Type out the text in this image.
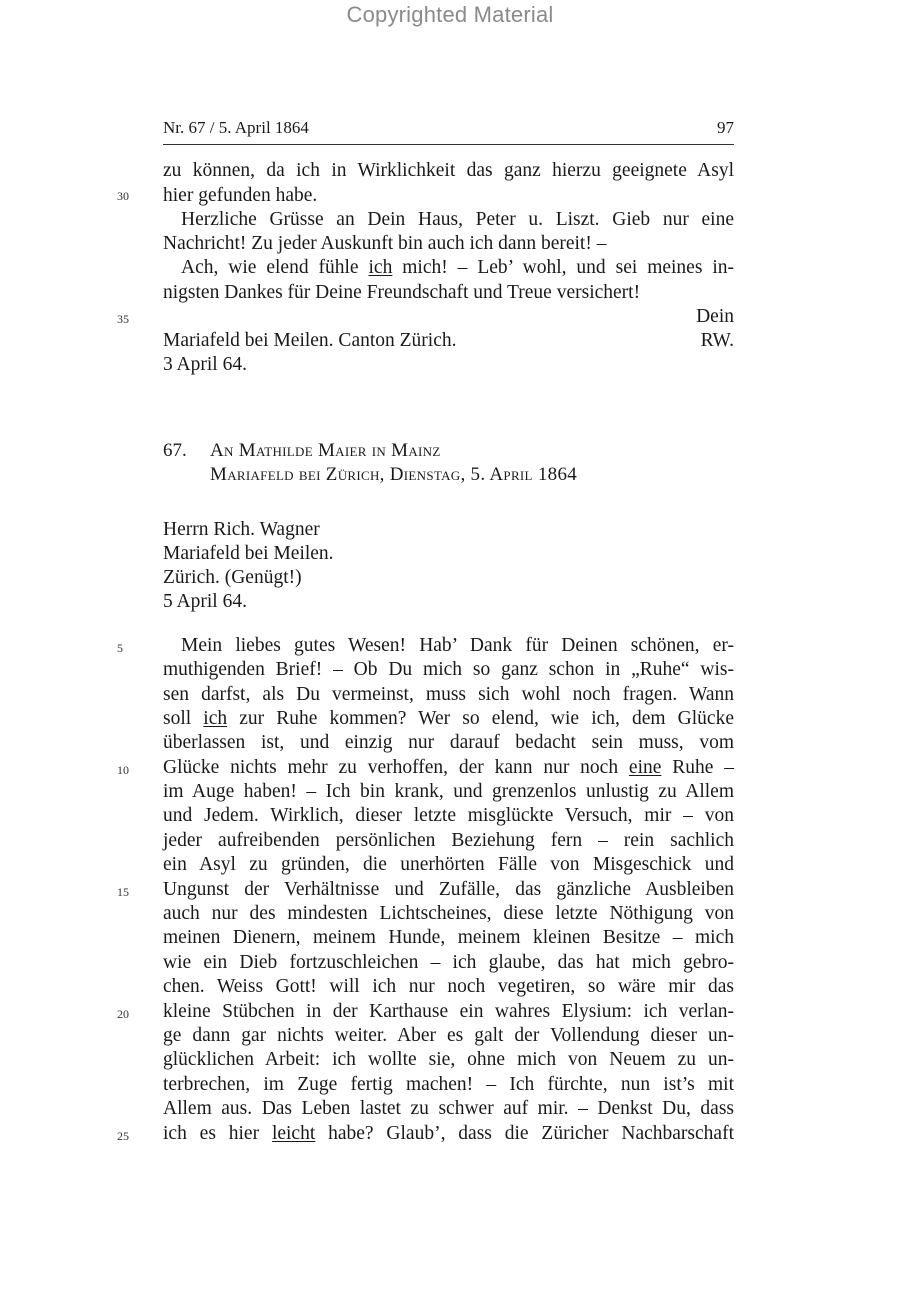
Copyrighted Material
Nr. 67 / 5. April 1864	97
zu können, da ich in Wirklichkeit das ganz hierzu geeignete Asyl
30	hier gefunden habe.
Herzliche Grüsse an Dein Haus, Peter u. Liszt. Gieb nur eine
Nachricht! Zu jeder Auskunft bin auch ich dann bereit! –
Ach, wie elend fühle ich mich! – Leb’ wohl, und sei meines in-
nigsten Dankes für Deine Freundschaft und Treue versichert!
35	Dein
Mariafeld bei Meilen. Canton Zürich.	RW.
3 April 64.
67. An Mathilde Maier in Mainz
Mariafeld bei Zürich, Dienstag, 5. April 1864
Herrn Rich. Wagner
Mariafeld bei Meilen.
Zürich. (Genügt!)
5 April 64.
5	Mein liebes gutes Wesen! Hab’ Dank für Deinen schönen, er-
muthigenden Brief! – Ob Du mich so ganz schon in „Ruhe“ wis-
sen darfst, als Du vermeinst, muss sich wohl noch fragen. Wann
soll ich zur Ruhe kommen? Wer so elend, wie ich, dem Glücke
überlassen ist, und einzig nur darauf bedacht sein muss, vom
10	Glücke nichts mehr zu verhoffen, der kann nur noch eine Ruhe –
im Auge haben! – Ich bin krank, und grenzenlos unlustig zu Allem
und Jedem. Wirklich, dieser letzte misglückte Versuch, mir – von
jeder aufreibenden persönlichen Beziehung fern – rein sachlich
ein Asyl zu gründen, die unerhörten Fälle von Misgeschick und
15	Ungunst der Verhältnisse und Zufälle, das gänzliche Ausbleiben
auch nur des mindesten Lichtscheines, diese letzte Nöthigung von
meinen Dienern, meinem Hunde, meinem kleinen Besitze – mich
wie ein Dieb fortzuschleichen – ich glaube, das hat mich gebro-
chen. Weiss Gott! will ich nur noch vegetiren, so wäre mir das
20	kleine Stübchen in der Karthause ein wahres Elysium: ich verlan-
ge dann gar nichts weiter. Aber es galt der Vollendung dieser un-
glücklichen Arbeit: ich wollte sie, ohne mich von Neuem zu un-
terbrechen, im Zuge fertig machen! – Ich fürchte, nun ist’s mit
Allem aus. Das Leben lastet zu schwer auf mir. – Denkst Du, dass
25	ich es hier leicht habe? Glaub’, dass die Züricher Nachbarschaft
